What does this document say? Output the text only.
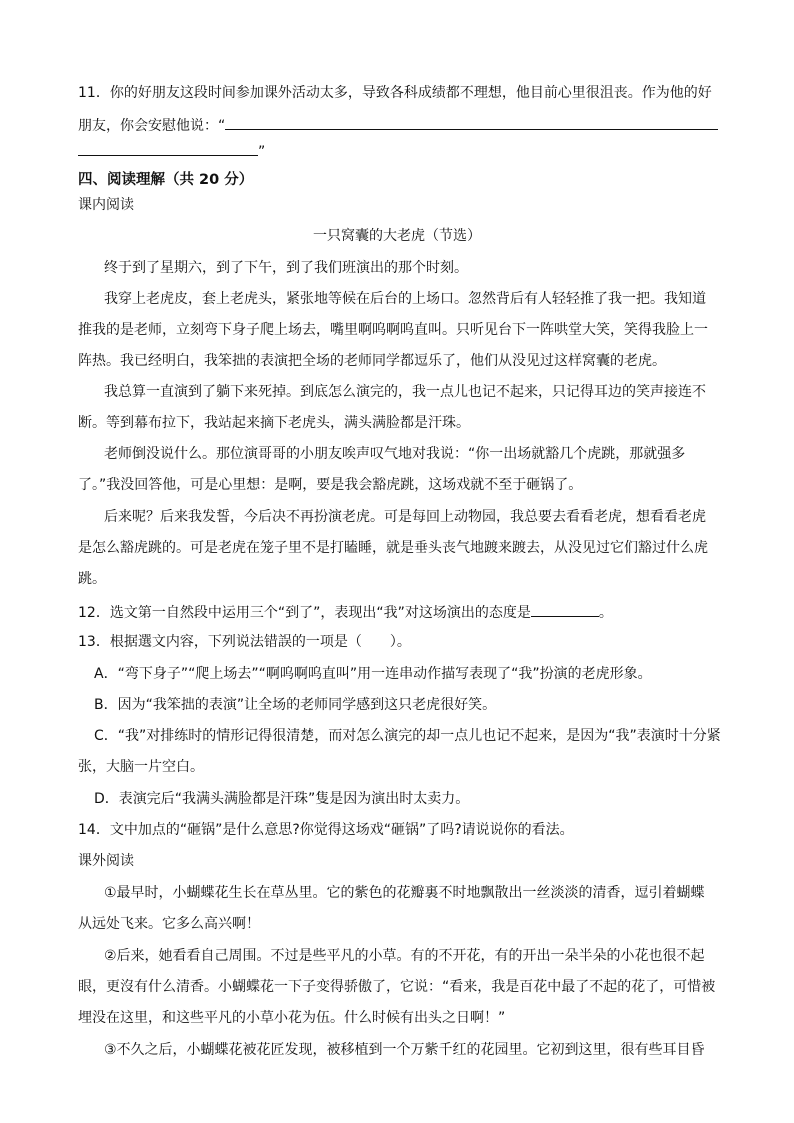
11．你的好朋友这段时间参加课外活动太多，导致各科成绩都不理想，他目前心里很沮丧。作为他的好
朋友，你会安慰他说：“
”
四、阅读理解（共 20 分）
课内阅读
一只窝囊的大老虎（节选）
终于到了星期六，到了下午，到了我们班演出的那个时刻。
我穿上老虎皮，套上老虎头，紧张地等候在后台的上场口。忽然背后有人轻轻推了我一把。我知道
推我的是老师，立刻弯下身子爬上场去，嘴里啊呜啊呜直叫。只听见台下一阵哄堂大笑，笑得我脸上一
阵热。我已经明白，我笨拙的表演把全场的老师同学都逗乐了，他们从没见过这样窝囊的老虎。
我总算一直演到了躺下来死掉。到底怎么演完的，我一点儿也记不起来，只记得耳边的笑声接连不
断。等到幕布拉下，我站起来摘下老虎头，满头满脸都是汗珠。
老师倒没说什么。那位演哥哥的小朋友唉声叹气地对我说：“你一出场就豁几个虎跳，那就强多
了。”我没回答他，可是心里想：是啊，要是我会豁虎跳，这场戏就不至于砸锅了。
后来呢？后来我发誓，今后决不再扮演老虎。可是每回上动物园，我总要去看看老虎，想看看老虎
是怎么豁虎跳的。可是老虎在笼子里不是打瞌睡，就是垂头丧气地踱来踱去，从没见过它们豁过什么虎
跳。
12．选文第一自然段中运用三个“到了”，表现出“我”对这场演出的态度是	。
13．根据選文内容，下列说法错誤的一项是（　　）。
A．“弯下身子”“爬上场去”“啊呜啊呜直叫”用一连串动作描写表现了“我”扮演的老虎形象。
B．因为“我笨拙的表演”让全场的老师同学感到这只老虎很好笑。
C．“我”对排练时的情形记得很清楚，而对怎么演完的却一点儿也记不起来，是因为“我”表演时十分紧
张，大脑一片空白。
D．表演完后“我满头满脸都是汗珠”隻是因为演出时太卖力。
14．文中加点的“砸锅”是什么意思?你觉得这场戏“砸锅”了吗?请说说你的看法。
课外阅读
①最早时，小蝴蝶花生长在草丛里。它的紫色的花瓣裏不时地飘散出一丝淡淡的清香，逗引着蝴蝶
从远处飞来。它多么高兴啊！
②后来，她看看自己周围。不过是些平凡的小草。有的不开花，有的开出一朵半朵的小花也很不起
眼，更沒有什么清香。小蝴蝶花一下子变得骄傲了，它说：“看来，我是百花中最了不起的花了，可惜被
埋没在这里，和这些平凡的小草小花为伍。什么时候有出头之日啊！”
③不久之后，小蝴蝶花被花匠发现，被移植到一个万紫千红的花园里。它初到这里，很有些耳目昏
